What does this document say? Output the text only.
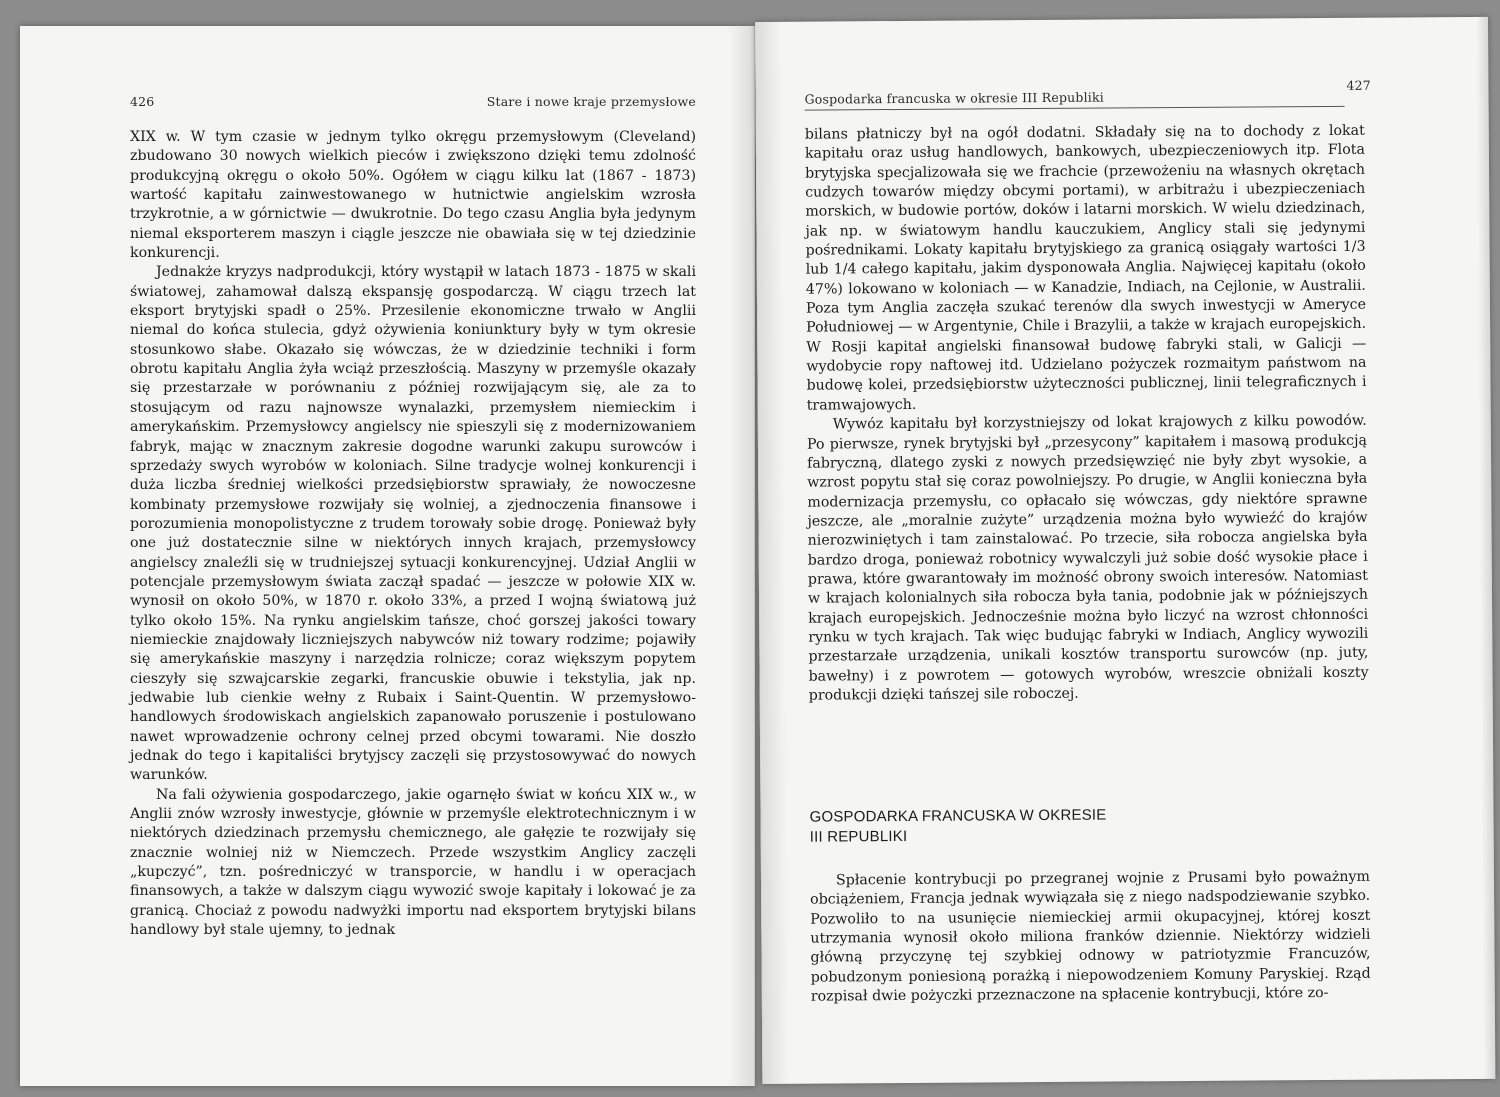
426	Stare i nowe kraje przemysłowe

XIX w. W tym czasie w jednym tylko okręgu przemysłowym (Cleveland) zbudowano 30 nowych wielkich pieców i zwiększono dzięki temu zdolność produkcyjną okręgu o około 50%. Ogółem w ciągu kilku lat (1867 - 1873) wartość kapitału zainwestowanego w hutnictwie angielskim wzrosła trzykrotnie, a w górnictwie — dwukrotnie. Do tego czasu Anglia była jedynym niemal eksporterem maszyn i ciągle jeszcze nie obawiała się w tej dziedzinie konkurencji.

Jednakże kryzys nadprodukcji, który wystąpił w latach 1873 - 1875 w skali światowej, zahamował dalszą ekspansję gospodarczą. W ciągu trzech lat eksport brytyjski spadł o 25%. Przesilenie ekonomiczne trwało w Anglii niemal do końca stulecia, gdyż ożywienia koniunktury były w tym okresie stosunkowo słabe. Okazało się wówczas, że w dziedzinie techniki i form obrotu kapitału Anglia żyła wciąż przeszłością. Maszyny w przemyśle okazały się przestarzałe w porównaniu z później rozwijającym się, ale za to stosującym od razu najnowsze wynalazki, przemysłem niemieckim i amerykańskim. Przemysłowcy angielscy nie spieszyli się z modernizowaniem fabryk, mając w znacznym zakresie dogodne warunki zakupu surowców i sprzedaży swych wyrobów w koloniach. Silne tradycje wolnej konkurencji i duża liczba średniej wielkości przedsiębiorstw sprawiały, że nowoczesne kombinaty przemysłowe rozwijały się wolniej, a zjednoczenia finansowe i porozumienia monopolistyczne z trudem torowały sobie drogę. Ponieważ były one już dostatecznie silne w niektórych innych krajach, przemysłowcy angielscy znaleźli się w trudniejszej sytuacji konkurencyjnej. Udział Anglii w potencjale przemysłowym świata zaczął spadać — jeszcze w połowie XIX w. wynosił on około 50%, w 1870 r. około 33%, a przed I wojną światową już tylko około 15%. Na rynku angielskim tańsze, choć gorszej jakości towary niemieckie znajdowały liczniejszych nabywców niż towary rodzime; pojawiły się amerykańskie maszyny i narzędzia rolnicze; coraz większym popytem cieszyły się szwajcarskie zegarki, francuskie obuwie i tekstylia, jak np. jedwabie lub cienkie wełny z Rubaix i Saint-Quentin. W przemysłowo-handlowych środowiskach angielskich zapanowało poruszenie i postulowano nawet wprowadzenie ochrony celnej przed obcymi towarami. Nie doszło jednak do tego i kapitaliści brytyjscy zaczęli się przystosowywać do nowych warunków.

Na fali ożywienia gospodarczego, jakie ogarnęło świat w końcu XIX w., w Anglii znów wzrosły inwestycje, głównie w przemyśle elektrotechnicznym i w niektórych dziedzinach przemysłu chemicznego, ale gałęzie te rozwijały się znacznie wolniej niż w Niemczech. Przede wszystkim Anglicy zaczęli „kupczyć”, tzn. pośredniczyć w transporcie, w handlu i w operacjach finansowych, a także w dalszym ciągu wywozić swoje kapitały i lokować je za granicą. Chociaż z powodu nadwyżki importu nad eksportem brytyjski bilans handlowy był stale ujemny, to jednak

Gospodarka francuska w okresie III Republiki
427

bilans płatniczy był na ogół dodatni. Składały się na to dochody z lokat kapitału oraz usług handlowych, bankowych, ubezpieczeniowych itp. Flota brytyjska specjalizowała się we frachcie (przewożeniu na własnych okrętach cudzych towarów między obcymi portami), w arbitrażu i ubezpieczeniach morskich, w budowie portów, doków i latarni morskich. W wielu dziedzinach, jak np. w światowym handlu kauczukiem, Anglicy stali się jedynymi pośrednikami. Lokaty kapitału brytyjskiego za granicą osiągały wartości 1/3 lub 1/4 całego kapitału, jakim dysponowała Anglia. Najwięcej kapitału (około 47%) lokowano w koloniach — w Kanadzie, Indiach, na Cejlonie, w Australii. Poza tym Anglia zaczęła szukać terenów dla swych inwestycji w Ameryce Południowej — w Argentynie, Chile i Brazylii, a także w krajach europejskich. W Rosji kapitał angielski finansował budowę fabryki stali, w Galicji — wydobycie ropy naftowej itd. Udzielano pożyczek rozmaitym państwom na budowę kolei, przedsiębiorstw użyteczności publicznej, linii telegraficznych i tramwajowych.

Wywóz kapitału był korzystniejszy od lokat krajowych z kilku powodów. Po pierwsze, rynek brytyjski był „przesycony” kapitałem i masową produkcją fabryczną, dlatego zyski z nowych przedsięwzięć nie były zbyt wysokie, a wzrost popytu stał się coraz powolniejszy. Po drugie, w Anglii konieczna była modernizacja przemysłu, co opłacało się wówczas, gdy niektóre sprawne jeszcze, ale „moralnie zużyte” urządzenia można było wywieźć do krajów nierozwiniętych i tam zainstalować. Po trzecie, siła robocza angielska była bardzo droga, ponieważ robotnicy wywalczyli już sobie dość wysokie płace i prawa, które gwarantowały im możność obrony swoich interesów. Natomiast w krajach kolonialnych siła robocza była tania, podobnie jak w późniejszych krajach europejskich. Jednocześnie można było liczyć na wzrost chłonności rynku w tych krajach. Tak więc budując fabryki w Indiach, Anglicy wywozili przestarzałe urządzenia, unikali kosztów transportu surowców (np. juty, bawełny) i z powrotem — gotowych wyrobów, wreszcie obniżali koszty produkcji dzięki tańszej sile roboczej.

GOSPODARKA FRANCUSKA W OKRESIE
III REPUBLIKI

Spłacenie kontrybucji po przegranej wojnie z Prusami było poważnym obciążeniem, Francja jednak wywiązała się z niego nadspodziewanie szybko. Pozwoliło to na usunięcie niemieckiej armii okupacyjnej, której koszt utrzymania wynosił około miliona franków dziennie. Niektórzy widzieli główną przyczynę tej szybkiej odnowy w patriotyzmie Francuzów, pobudzonym poniesioną porażką i niepowodzeniem Komuny Paryskiej. Rząd rozpisał dwie pożyczki przeznaczone na spłacenie kontrybucji, które zo-
